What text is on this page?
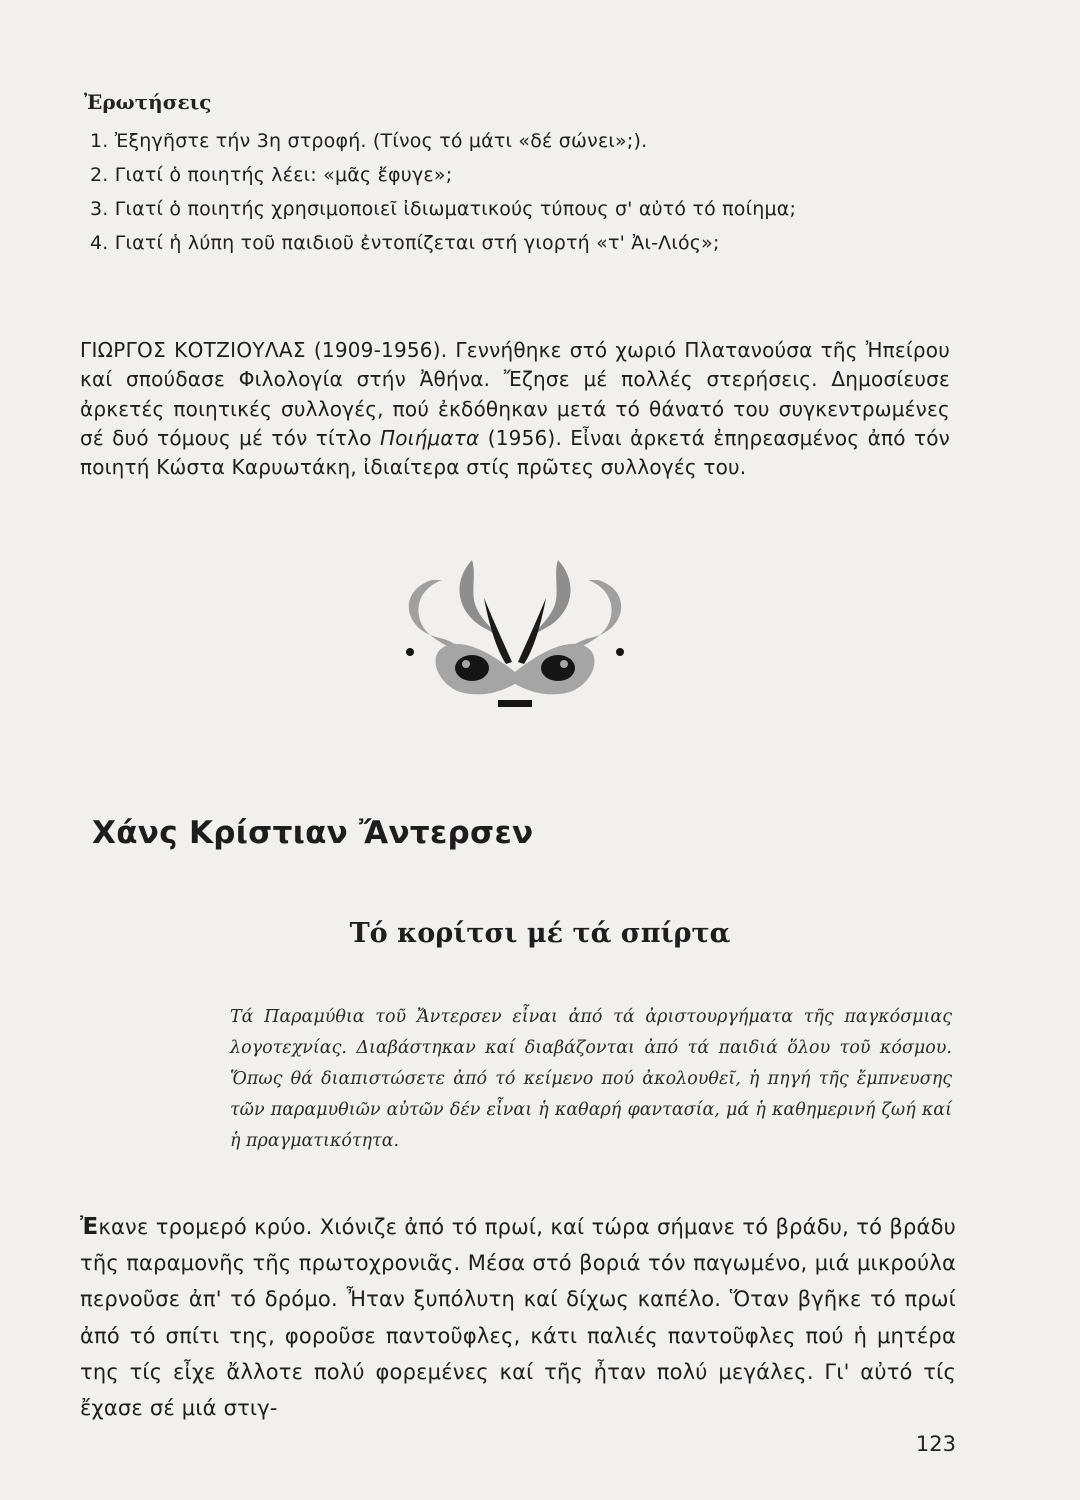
Ἐρωτήσεις
1. Ἐξηγῆστε τήν 3η στροφή. (Τίνος τό μάτι «δέ σώνει»;).
2. Γιατί ὁ ποιητής λέει: «μᾶς ἔφυγε»;
3. Γιατί ὁ ποιητής χρησιμοποιεῖ ἰδιωματικούς τύπους σ' αὐτό τό ποίημα;
4. Γιατί ἡ λύπη τοῦ παιδιοῦ ἐντοπίζεται στή γιορτή «τ' Ἀι-Λιός»;

ΓΙΩΡΓΟΣ ΚΟΤΖΙΟΥΛΑΣ (1909-1956). Γεννήθηκε στό χωριό Πλατανούσα τῆς Ἠπείρου καί σπούδασε Φιλολογία στήν Ἀθήνα. Ἔζησε μέ πολλές στερήσεις. Δημοσίευσε ἀρκετές ποιητικές συλλογές, πού ἐκδόθηκαν μετά τό θάνατό του συγκεντρωμένες σέ δυό τόμους μέ τόν τίτλο Ποιήματα (1956). Εἶναι ἀρκετά ἐπηρεασμένος ἀπό τόν ποιητή Κώστα Καρυωτάκη, ἰδιαίτερα στίς πρῶτες συλλογές του.

Χάνς Κρίστιαν Ἄντερσεν
Τό κορίτσι μέ τά σπίρτα

Τά Παραμύθια τοῦ Ἄντερσεν εἶναι ἀπό τά ἀριστουργήματα τῆς παγκόσμιας λογοτεχνίας. Διαβάστηκαν καί διαβάζονται ἀπό τά παιδιά ὅλου τοῦ κόσμου. Ὅπως θά διαπιστώσετε ἀπό τό κείμενο πού ἀκολουθεῖ, ἡ πηγή τῆς ἔμπνευσης τῶν παραμυθιῶν αὐτῶν δέν εἶναι ἡ καθαρή φαντασία, μά ἡ καθημερινή ζωή καί ἡ πραγματικότητα.

Ἐκανε τρομερό κρύο. Χιόνιζε ἀπό τό πρωί, καί τώρα σήμανε τό βράδυ, τό βράδυ τῆς παραμονῆς τῆς πρωτοχρονιᾶς. Μέσα στό βοριά τόν παγωμένο, μιά μικρούλα περνοῦσε ἀπ' τό δρόμο. Ἦταν ξυπόλυτη καί δίχως καπέλο. Ὅταν βγῆκε τό πρωί ἀπό τό σπίτι της, φοροῦσε παντοῦφλες, κάτι παλιές παντοῦφλες πού ἡ μητέρα της τίς εἶχε ἄλλοτε πολύ φορεμένες καί τῆς ἦταν πολύ μεγάλες. Γι' αὐτό τίς ἔχασε σέ μιά στιγ-

123
